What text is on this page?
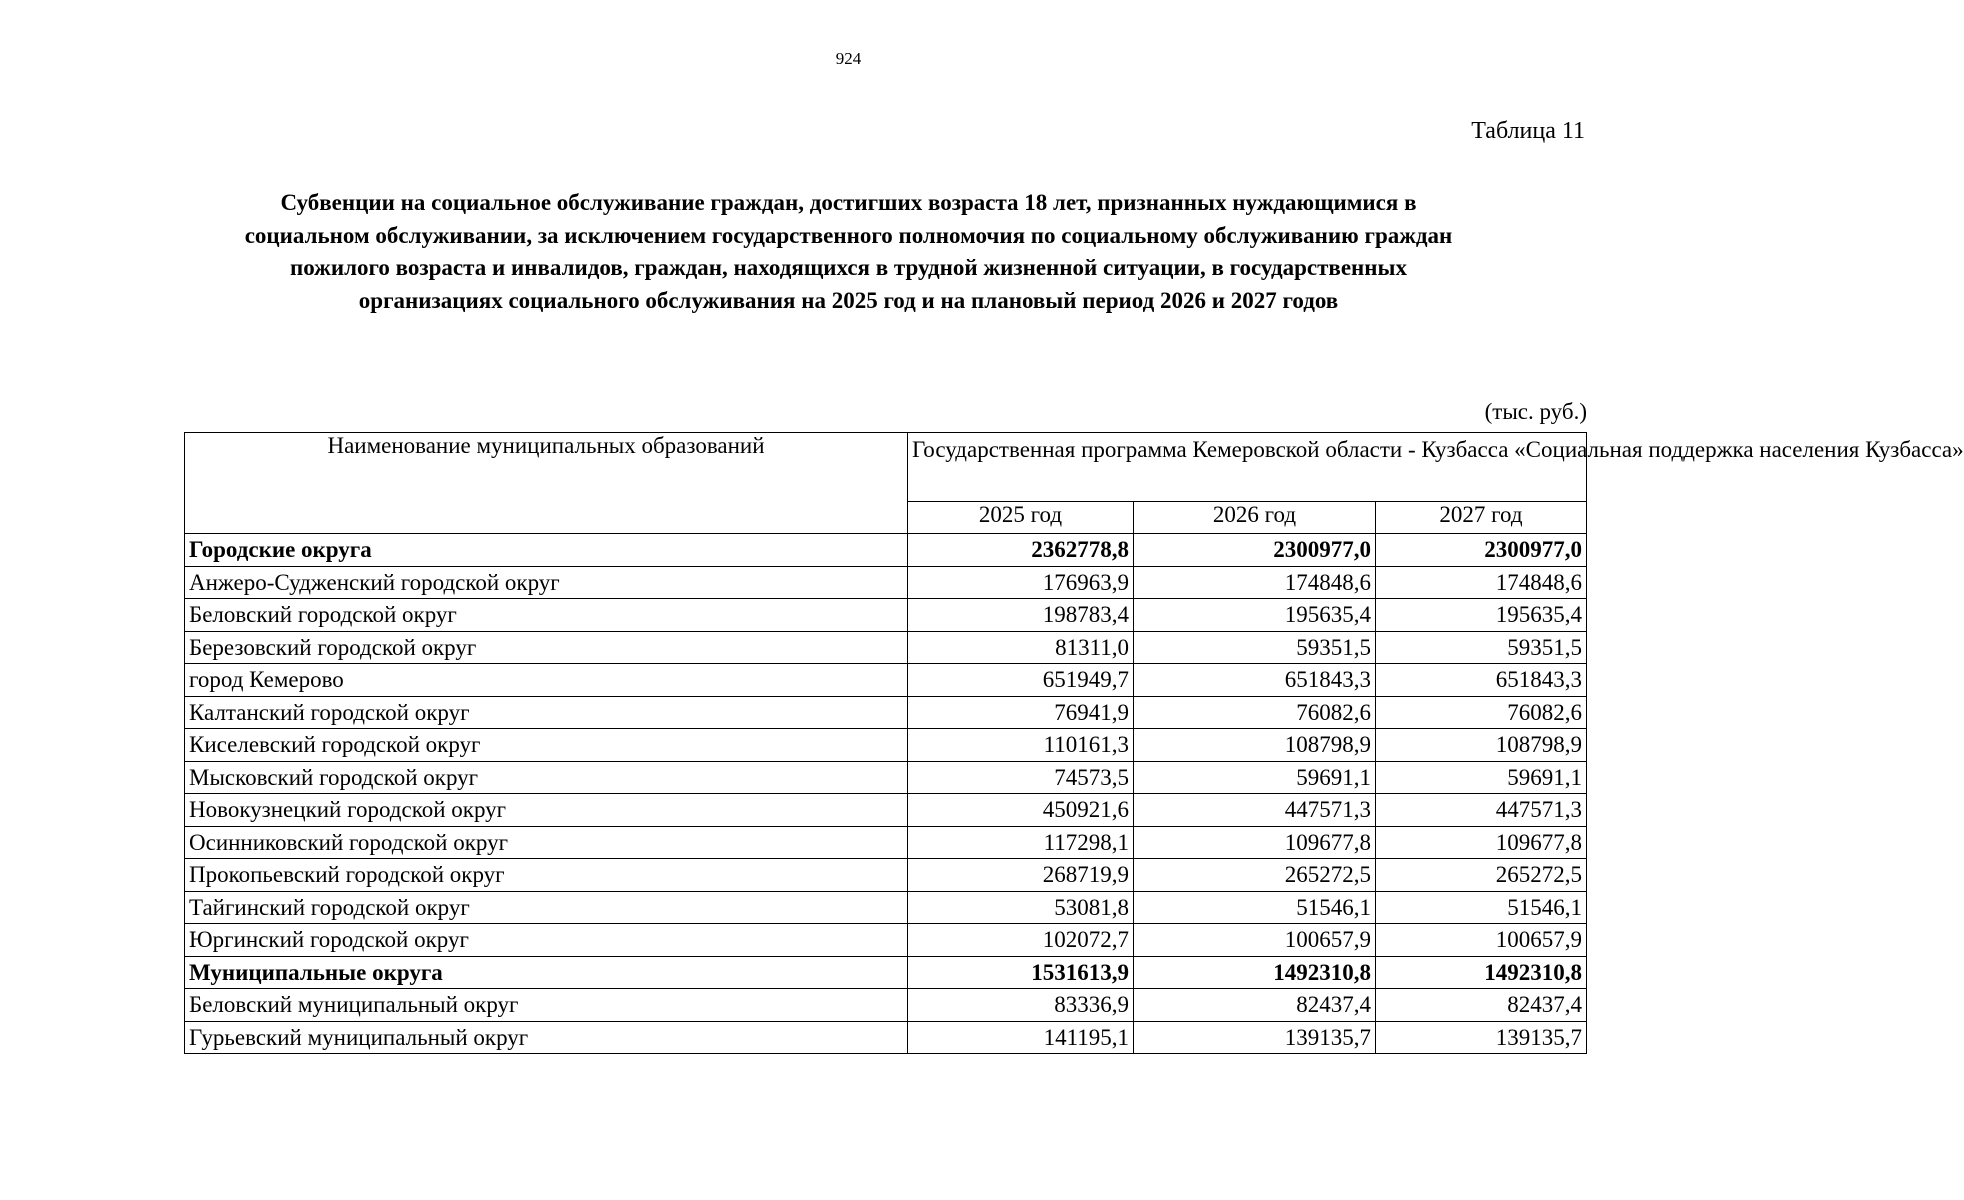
924
Таблица 11
Субвенции на социальное обслуживание граждан, достигших возраста 18 лет, признанных нуждающимися в
социальном обслуживании, за исключением государственного полномочия по социальному обслуживанию граждан
пожилого возраста и инвалидов, граждан, находящихся в трудной жизненной ситуации, в государственных
организациях социального обслуживания на 2025 год и на плановый период 2026 и 2027 годов
(тыс. руб.)
Наименование муниципальных образований	Государственная программа Кемеровской области - Кузбасса «Социальная поддержка населения Кузбасса»		
	2025 год	2026 год	2027 год
Городские округа	2362778,8	2300977,0	2300977,0
Анжеро-Судженский городской округ	176963,9	174848,6	174848,6
Беловский городской округ	198783,4	195635,4	195635,4
Березовский городской округ	81311,0	59351,5	59351,5
город Кемерово	651949,7	651843,3	651843,3
Калтанский городской округ	76941,9	76082,6	76082,6
Киселевский городской округ	110161,3	108798,9	108798,9
Мысковский городской округ	74573,5	59691,1	59691,1
Новокузнецкий городской округ	450921,6	447571,3	447571,3
Осинниковский городской округ	117298,1	109677,8	109677,8
Прокопьевский городской округ	268719,9	265272,5	265272,5
Тайгинский городской округ	53081,8	51546,1	51546,1
Юргинский городской округ	102072,7	100657,9	100657,9
Муниципальные округа	1531613,9	1492310,8	1492310,8
Беловский муниципальный округ	83336,9	82437,4	82437,4
Гурьевский муниципальный округ	141195,1	139135,7	139135,7
